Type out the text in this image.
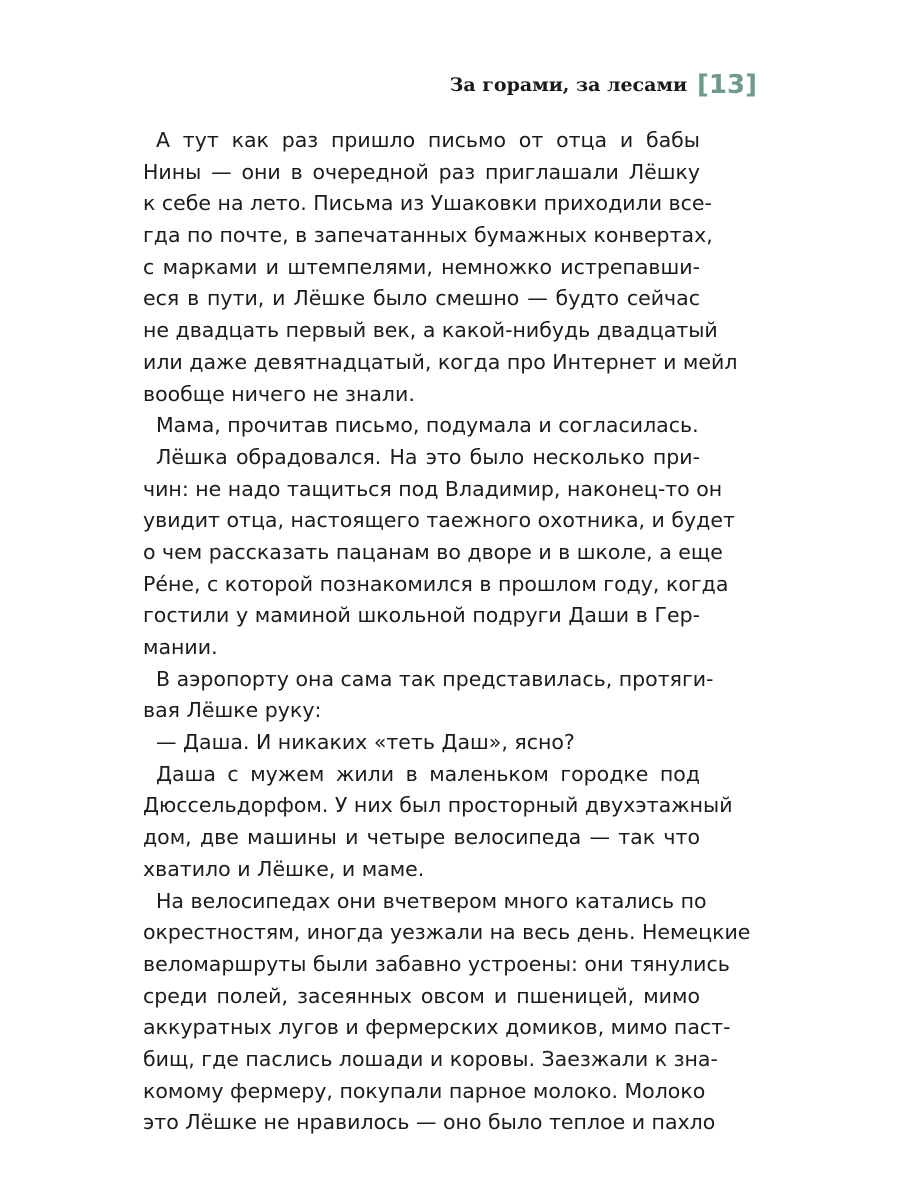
За горами, за лесами [13]
А тут как раз пришло письмо от отца и бабы
Нины — они в очередной раз приглашали Лёшку
к себе на лето. Письма из Ушаковки приходили все-
гда по почте, в запечатанных бумажных конвертах,
с марками и штемпелями, немножко истрепавши-
еся в пути, и Лёшке было смешно — будто сейчас
не двадцать первый век, а какой-нибудь двадцатый
или даже девятнадцатый, когда про Интернет и мейл
вообще ничего не знали.
Мама, прочитав письмо, подумала и согласилась.
Лёшка обрадовался. На это было несколько при-
чин: не надо тащиться под Владимир, наконец-то он
увидит отца, настоящего таежного охотника, и будет
о чем рассказать пацанам во дворе и в школе, а еще
Ре́не, с которой познакомился в прошлом году, когда
гостили у маминой школьной подруги Даши в Гер-
мании.
В аэропорту она сама так представилась, протяги-
вая Лёшке руку:
— Даша. И никаких «теть Даш», ясно?
Даша с мужем жили в маленьком городке под
Дюссельдорфом. У них был просторный двухэтажный
дом, две машины и четыре велосипеда — так что
хватило и Лёшке, и маме.
На велосипедах они вчетвером много катались по
окрестностям, иногда уезжали на весь день. Немецкие
веломаршруты были забавно устроены: они тянулись
среди полей, засеянных овсом и пшеницей, мимо
аккуратных лугов и фермерских домиков, мимо паст-
бищ, где паслись лошади и коровы. Заезжали к зна-
комому фермеру, покупали парное молоко. Молоко
это Лёшке не нравилось — оно было теплое и пахло
